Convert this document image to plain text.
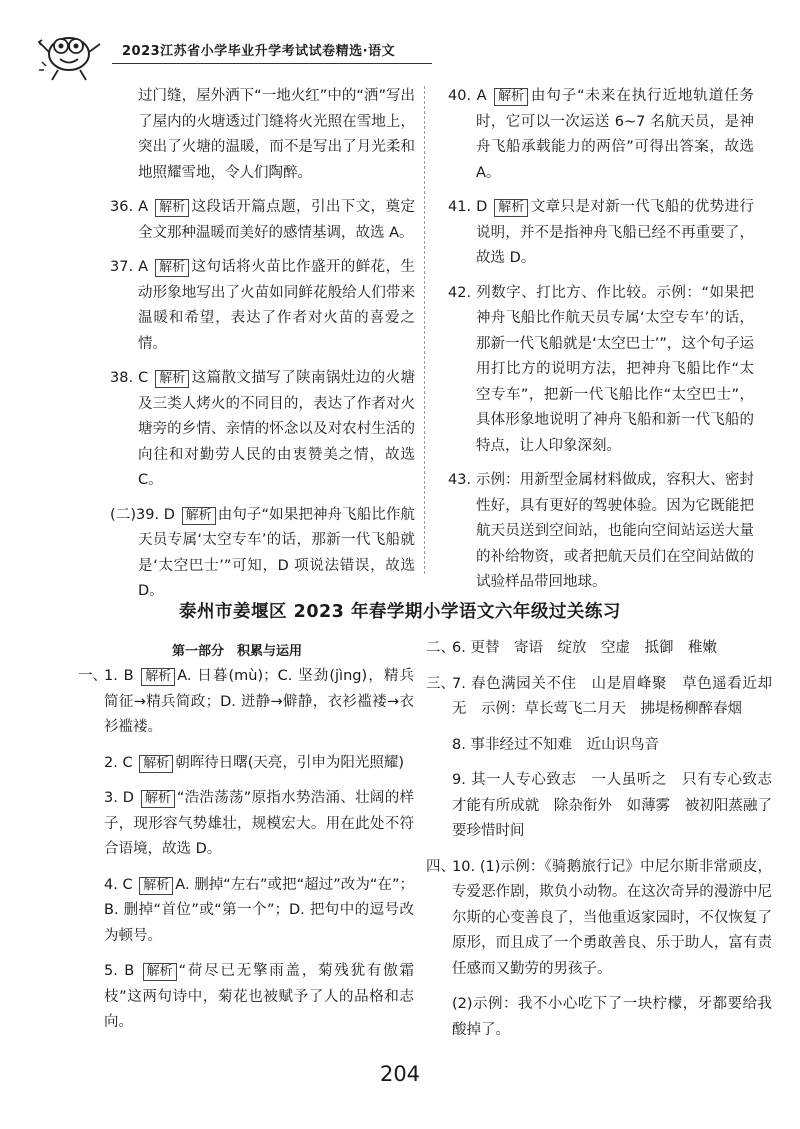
2023江苏省小学毕业升学考试试卷精选·语文
过门缝，屋外洒下“一地火红”中的“洒”写出了屋内的火塘透过门缝将火光照在雪地上，突出了火塘的温暖，而不是写出了月光柔和地照耀雪地，令人们陶醉。
36. A 解析 这段话开篇点题，引出下文，奠定全文那种温暖而美好的感情基调，故选 A。
37. A 解析 这句话将火苗比作盛开的鲜花，生动形象地写出了火苗如同鲜花般给人们带来温暖和希望，表达了作者对火苗的喜爱之情。
38. C 解析 这篇散文描写了陕南锅灶边的火塘及三类人烤火的不同目的，表达了作者对火塘旁的乡情、亲情的怀念以及对农村生活的向往和对勤劳人民的由衷赞美之情，故选 C。
(二)39. D 解析 由句子“如果把神舟飞船比作航天员专属‘太空专车’的话，那新一代飞船就是‘太空巴士’”可知，D 项说法错误，故选 D。
40. A 解析 由句子“未来在执行近地轨道任务时，它可以一次运送 6~7 名航天员，是神舟飞船承载能力的两倍”可得出答案，故选 A。
41. D 解析 文章只是对新一代飞船的优势进行说明，并不是指神舟飞船已经不再重要了，故选 D。
42. 列数字、打比方、作比较。示例：“如果把神舟飞船比作航天员专属‘太空专车’的话，那新一代飞船就是‘太空巴士’”，这个句子运用打比方的说明方法，把神舟飞船比作“太空专车”，把新一代飞船比作“太空巴士”，具体形象地说明了神舟飞船和新一代飞船的特点，让人印象深刻。
43. 示例：用新型金属材料做成，容积大、密封性好，具有更好的驾驶体验。因为它既能把航天员送到空间站，也能向空间站运送大量的补给物资，或者把航天员们在空间站做的试验样品带回地球。
泰州市姜堰区 2023 年春学期小学语文六年级过关练习
第一部分　积累与运用
一、
1. B 解析 A. 日暮(mù)；C. 坚劲(jìng)，精兵简征→精兵简政；D. 迸静→僻静，衣衫褴褛→衣衫褴褛。
2. C 解析 朝晖待日曙(天亮，引申为阳光照耀)
3. D 解析 “浩浩荡荡”原指水势浩涌、壮阔的样子，现形容气势雄壮，规模宏大。用在此处不符合语境，故选 D。
4. C 解析 A. 删掉“左右”或把“超过”改为“在”；B. 删掉“首位”或“第一个”；D. 把句中的逗号改为顿号。
5. B 解析 “荷尽已无擎雨盖，菊残犹有傲霜枝”这两句诗中，菊花也被赋予了人的品格和志向。
二、
6. 更替　寄语　绽放　空虚　抵御　稚嫩
三、
7. 春色满园关不住　山是眉峰聚　草色遥看近却无　示例：草长莺飞二月天　拂堤杨柳醉春烟
8. 事非经过不知难　近山识鸟音
9. 其一人专心致志　一人虽听之　只有专心致志才能有所成就　除杂衔外　如薄雾　被初阳蒸融了　要珍惜时间
四、
10. (1)示例：《骑鹅旅行记》中尼尔斯非常顽皮，专爱恶作剧，欺负小动物。在这次奇异的漫游中尼尔斯的心变善良了，当他重返家园时，不仅恢复了原形，而且成了一个勇敢善良、乐于助人，富有责任感而又勤劳的男孩子。
(2)示例：我不小心吃下了一块柠檬，牙都要给我酸掉了。
204
